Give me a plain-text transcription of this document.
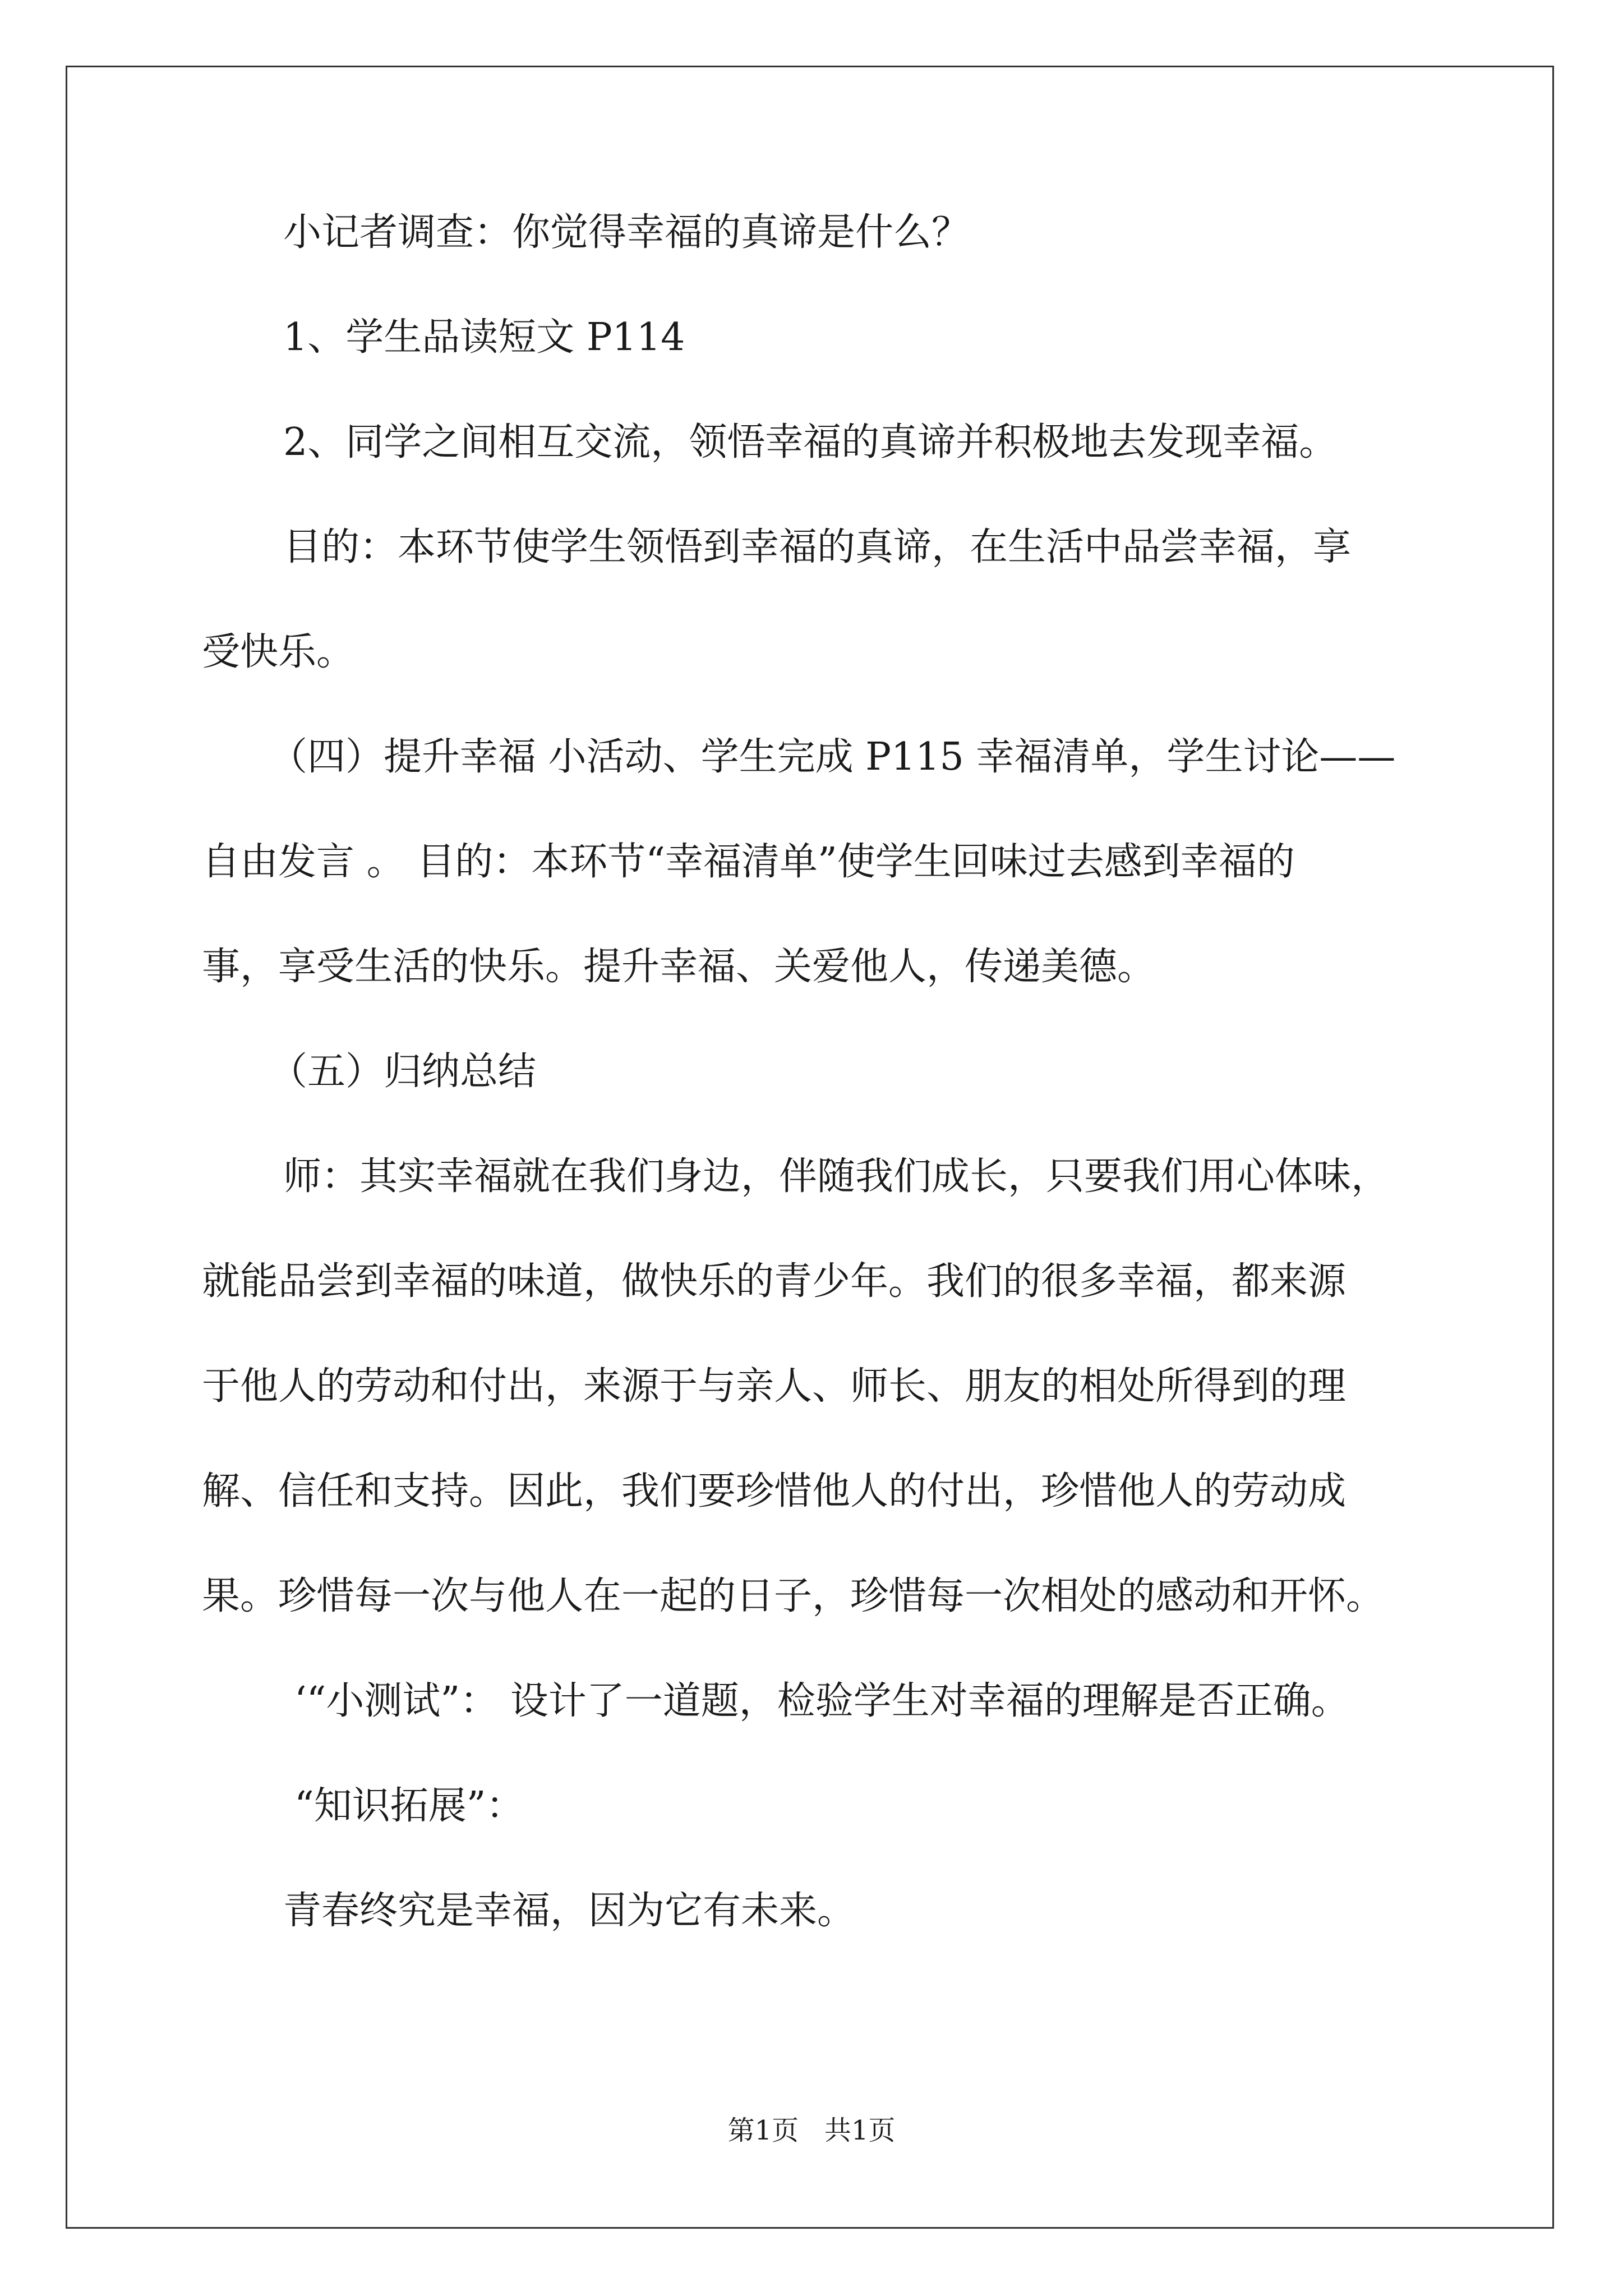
小记者调查：你觉得幸福的真谛是什么？
1、学生品读短文 P114
2、同学之间相互交流，领悟幸福的真谛并积极地去发现幸福。
目的：本环节使学生领悟到幸福的真谛，在生活中品尝幸福，享
受快乐。
（四）提升幸福 小活动、学生完成 P115 幸福清单，学生讨论——
自由发言 。 目的：本环节“幸福清单”使学生回味过去感到幸福的
事，享受生活的快乐。提升幸福、关爱他人，传递美德。
（五）归纳总结
师：其实幸福就在我们身边，伴随我们成长，只要我们用心体味，
就能品尝到幸福的味道，做快乐的青少年。我们的很多幸福，都来源
于他人的劳动和付出，来源于与亲人、师长、朋友的相处所得到的理
解、信任和支持。因此，我们要珍惜他人的付出，珍惜他人的劳动成
果。珍惜每一次与他人在一起的日子，珍惜每一次相处的感动和开怀。
‘“小测试”： 设计了一道题，检验学生对幸福的理解是否正确。
“知识拓展”：
青春终究是幸福，因为它有未来。
第1页   共1页
